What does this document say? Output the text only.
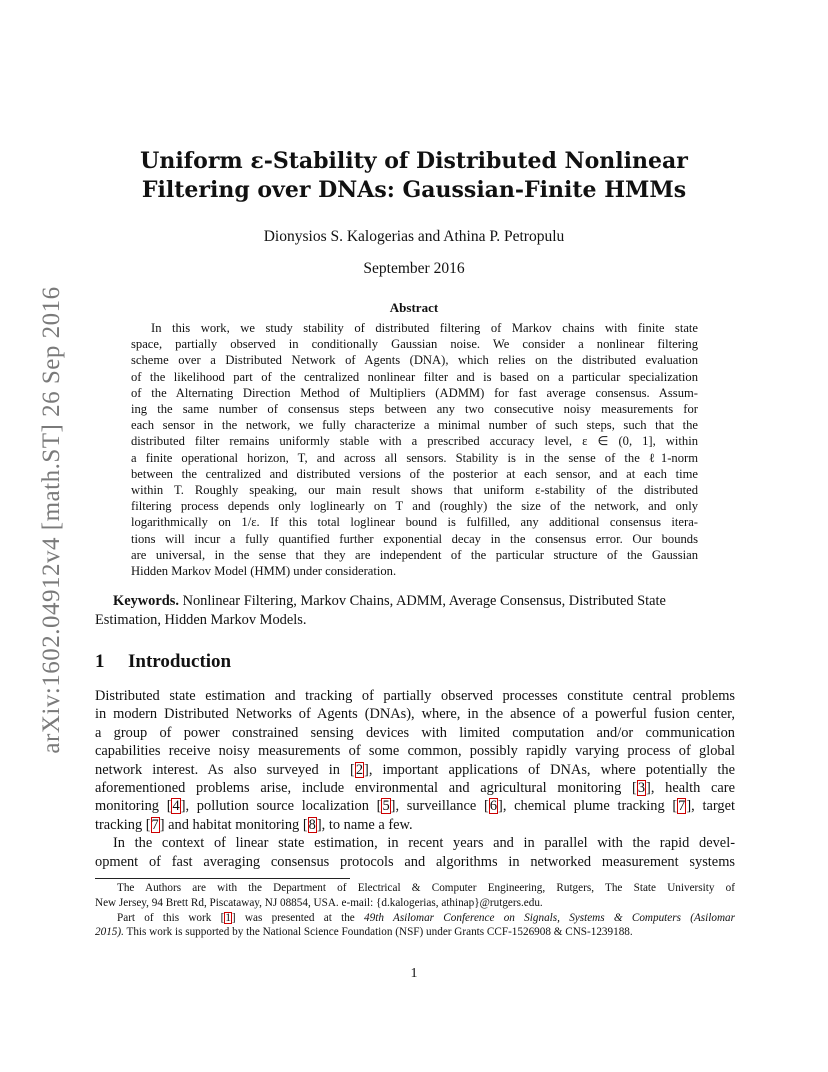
arXiv:1602.04912v4 [math.ST] 26 Sep 2016
Uniform ε-Stability of Distributed Nonlinear
Filtering over DNAs: Gaussian-Finite HMMs
Dionysios S. Kalogerias and Athina P. Petropulu
September 2016
Abstract
In this work, we study stability of distributed filtering of Markov chains with finite state
space, partially observed in conditionally Gaussian noise. We consider a nonlinear filtering
scheme over a Distributed Network of Agents (DNA), which relies on the distributed evaluation
of the likelihood part of the centralized nonlinear filter and is based on a particular specialization
of the Alternating Direction Method of Multipliers (ADMM) for fast average consensus. Assum-
ing the same number of consensus steps between any two consecutive noisy measurements for
each sensor in the network, we fully characterize a minimal number of such steps, such that the
distributed filter remains uniformly stable with a prescribed accuracy level, ε ∈ (0, 1], within
a finite operational horizon, T, and across all sensors. Stability is in the sense of the ℓ1-norm
between the centralized and distributed versions of the posterior at each sensor, and at each time
within T. Roughly speaking, our main result shows that uniform ε-stability of the distributed
filtering process depends only loglinearly on T and (roughly) the size of the network, and only
logarithmically on 1/ε. If this total loglinear bound is fulfilled, any additional consensus itera-
tions will incur a fully quantified further exponential decay in the consensus error. Our bounds
are universal, in the sense that they are independent of the particular structure of the Gaussian
Hidden Markov Model (HMM) under consideration.
Keywords. Nonlinear Filtering, Markov Chains, ADMM, Average Consensus, Distributed State
Estimation, Hidden Markov Models.
1 Introduction
Distributed state estimation and tracking of partially observed processes constitute central problems
in modern Distributed Networks of Agents (DNAs), where, in the absence of a powerful fusion center,
a group of power constrained sensing devices with limited computation and/or communication
capabilities receive noisy measurements of some common, possibly rapidly varying process of global
network interest. As also surveyed in [2], important applications of DNAs, where potentially the
aforementioned problems arise, include environmental and agricultural monitoring [3], health care
monitoring [4], pollution source localization [5], surveillance [6], chemical plume tracking [7], target
tracking [7] and habitat monitoring [8], to name a few.
In the context of linear state estimation, in recent years and in parallel with the rapid devel-
opment of fast averaging consensus protocols and algorithms in networked measurement systems
The Authors are with the Department of Electrical & Computer Engineering, Rutgers, The State University of
New Jersey, 94 Brett Rd, Piscataway, NJ 08854, USA. e-mail: {d.kalogerias, athinap}@rutgers.edu.
Part of this work [1] was presented at the 49th Asilomar Conference on Signals, Systems & Computers (Asilomar
2015). This work is supported by the National Science Foundation (NSF) under Grants CCF-1526908 & CNS-1239188.
1
